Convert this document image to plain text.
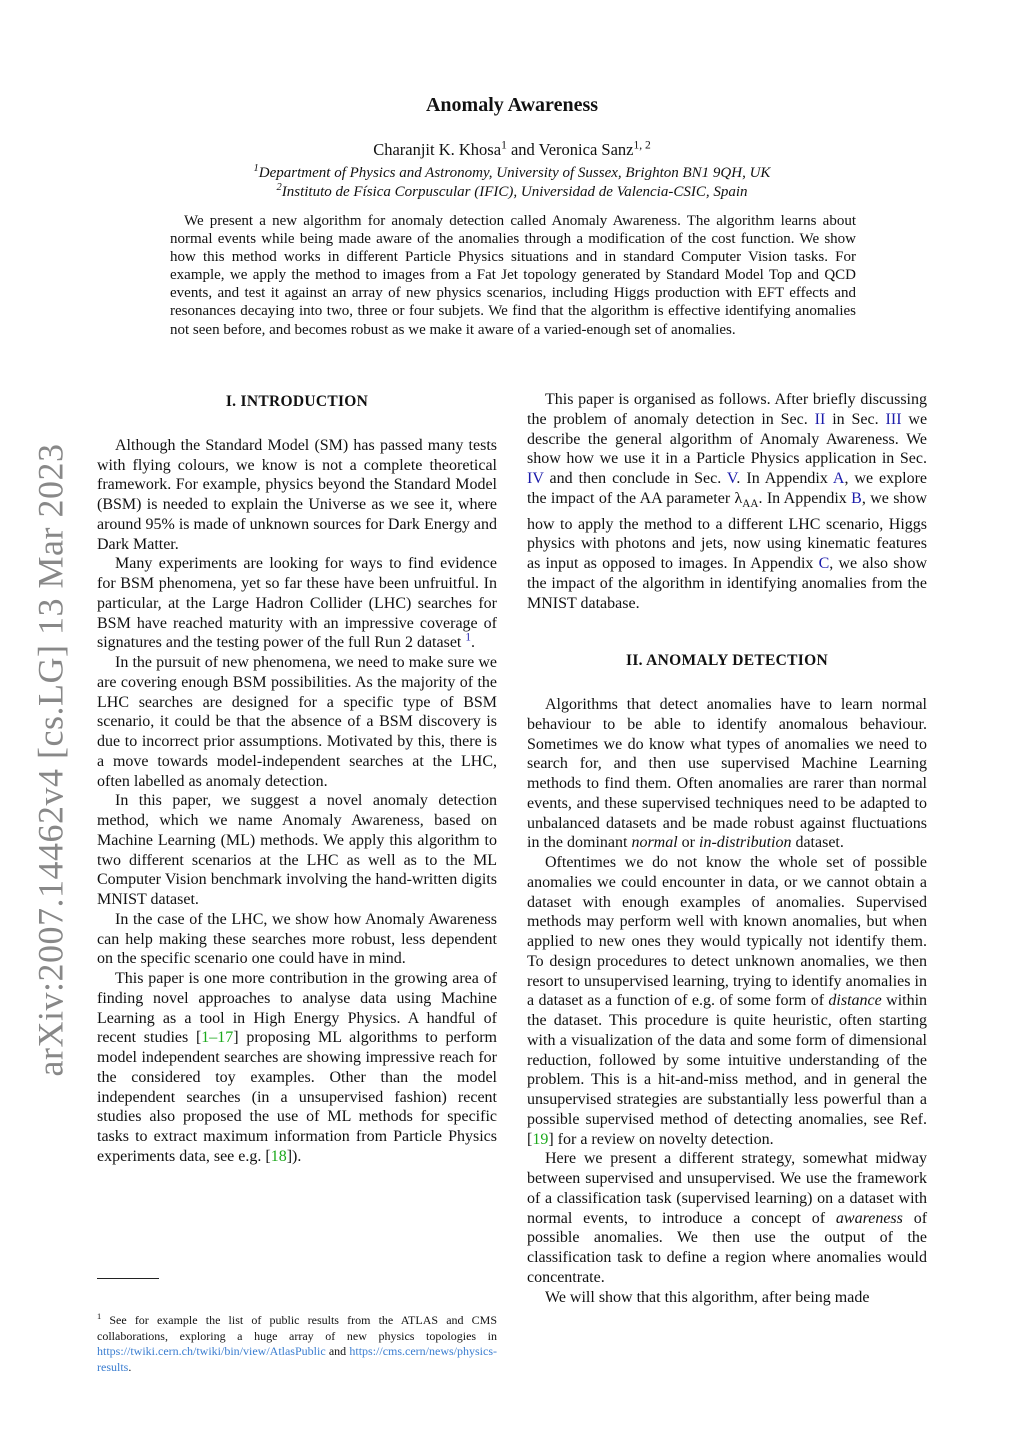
arXiv:2007.14462v4 [cs.LG] 13 Mar 2023
Anomaly Awareness
Charanjit K. Khosa$^1$ and Veronica Sanz$^{1, 2}$
$^1$Department of Physics and Astronomy, University of Sussex, Brighton BN1 9QH, UK
$^2$Instituto de Física Corpuscular (IFIC), Universidad de Valencia-CSIC, Spain

We present a new algorithm for anomaly detection called Anomaly Awareness. The algorithm learns about normal events while being made aware of the anomalies through a modification of the cost function. We show how this method works in different Particle Physics situations and in standard Computer Vision tasks. For example, we apply the method to images from a Fat Jet topology generated by Standard Model Top and QCD events, and test it against an array of new physics scenarios, including Higgs production with EFT effects and resonances decaying into two, three or four subjets. We find that the algorithm is effective identifying anomalies not seen before, and becomes robust as we make it aware of a varied-enough set of anomalies.

I. INTRODUCTION

Although the Standard Model (SM) has passed many tests with flying colours, we know is not a complete theoretical framework. For example, physics beyond the Standard Model (BSM) is needed to explain the Universe as we see it, where around 95% is made of unknown sources for Dark Energy and Dark Matter.

Many experiments are looking for ways to find evidence for BSM phenomena, yet so far these have been unfruitful. In particular, at the Large Hadron Collider (LHC) searches for BSM have reached maturity with an impressive coverage of signatures and the testing power of the full Run 2 dataset $^1$.

In the pursuit of new phenomena, we need to make sure we are covering enough BSM possibilities. As the majority of the LHC searches are designed for a specific type of BSM scenario, it could be that the absence of a BSM discovery is due to incorrect prior assumptions. Motivated by this, there is a move towards model-independent searches at the LHC, often labelled as anomaly detection.

In this paper, we suggest a novel anomaly detection method, which we name Anomaly Awareness, based on Machine Learning (ML) methods. We apply this algorithm to two different scenarios at the LHC as well as to the ML Computer Vision benchmark involving the hand-written digits MNIST dataset.

In the case of the LHC, we show how Anomaly Awareness can help making these searches more robust, less dependent on the specific scenario one could have in mind.

This paper is one more contribution in the growing area of finding novel approaches to analyse data using Machine Learning as a tool in High Energy Physics. A handful of recent studies [1–17] proposing ML algorithms to perform model independent searches are showing impressive reach for the considered toy examples. Other than the model independent searches (in a unsupervised fashion) recent studies also proposed the use of ML methods for specific tasks to extract maximum information from Particle Physics experiments data, see e.g. [18]).

$^1$ See for example the list of public results from the ATLAS and CMS collaborations, exploring a huge array of new physics topologies in https://twiki.cern.ch/twiki/bin/view/AtlasPublic and https://cms.cern/news/physics-results.

This paper is organised as follows. After briefly discussing the problem of anomaly detection in Sec. II in Sec. III we describe the general algorithm of Anomaly Awareness. We show how we use it in a Particle Physics application in Sec. IV and then conclude in Sec. V. In Appendix A, we explore the impact of the AA parameter $\lambda_{AA}$. In Appendix B, we show how to apply the method to a different LHC scenario, Higgs physics with photons and jets, now using kinematic features as input as opposed to images. In Appendix C, we also show the impact of the algorithm in identifying anomalies from the MNIST database.

II. ANOMALY DETECTION

Algorithms that detect anomalies have to learn normal behaviour to be able to identify anomalous behaviour. Sometimes we do know what types of anomalies we need to search for, and then use supervised Machine Learning methods to find them. Often anomalies are rarer than normal events, and these supervised techniques need to be adapted to unbalanced datasets and be made robust against fluctuations in the dominant normal or in-distribution dataset.

Oftentimes we do not know the whole set of possible anomalies we could encounter in data, or we cannot obtain a dataset with enough examples of anomalies. Supervised methods may perform well with known anomalies, but when applied to new ones they would typically not identify them. To design procedures to detect unknown anomalies, we then resort to unsupervised learning, trying to identify anomalies in a dataset as a function of e.g. of some form of distance within the dataset. This procedure is quite heuristic, often starting with a visualization of the data and some form of dimensional reduction, followed by some intuitive understanding of the problem. This is a hit-and-miss method, and in general the unsupervised strategies are substantially less powerful than a possible supervised method of detecting anomalies, see Ref. [19] for a review on novelty detection.

Here we present a different strategy, somewhat midway between supervised and unsupervised. We use the framework of a classification task (supervised learning) on a dataset with normal events, to introduce a concept of awareness of possible anomalies. We then use the output of the classification task to define a region where anomalies would concentrate.

We will show that this algorithm, after being made
